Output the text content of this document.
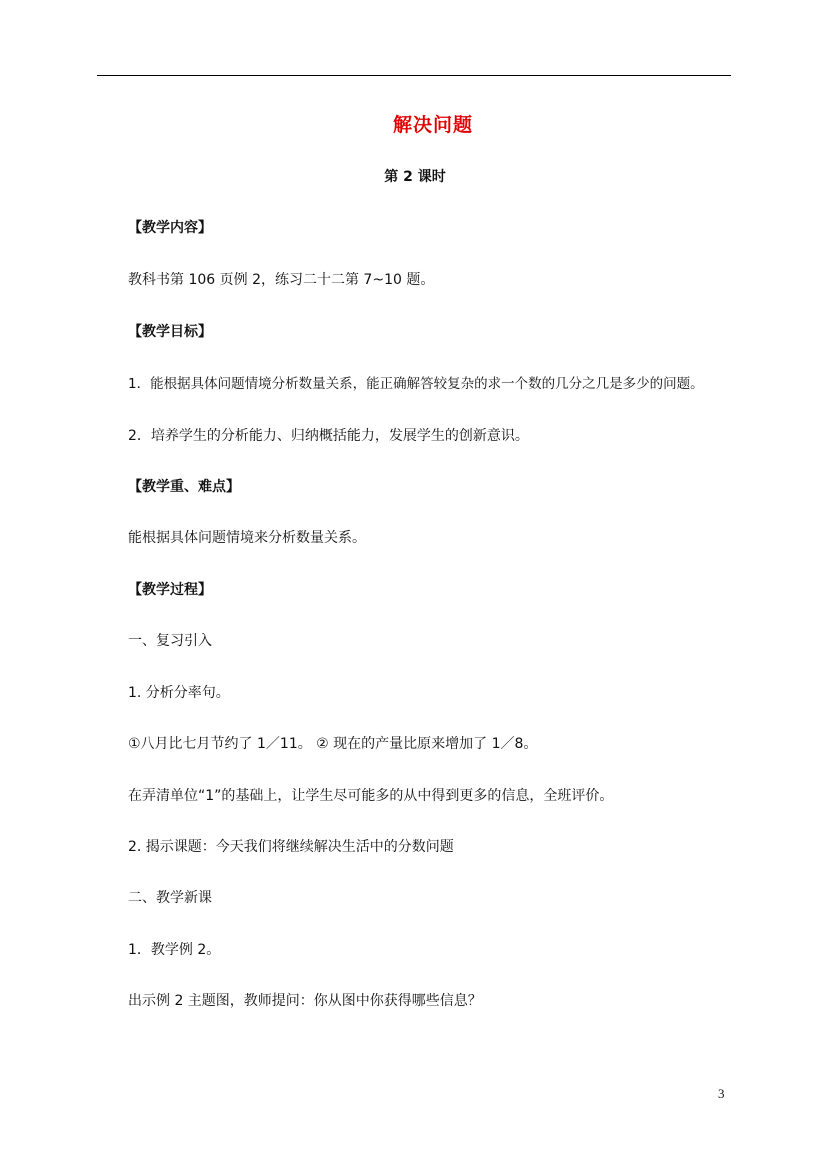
解决问题
第 2 课时
【教学内容】
教科书第 106 页例 2，练习二十二第 7~10 题。
【教学目标】
1．能根据具体问题情境分析数量关系，能正确解答较复杂的求一个数的几分之几是多少的问题。
2．培养学生的分析能力、归纳概括能力，发展学生的创新意识。
【教学重、难点】
能根据具体问题情境来分析数量关系。
【教学过程】
一、复习引入
1. 分析分率句。
①八月比七月节约了 1／11。 ② 现在的产量比原来增加了 1／8。
在弄清单位“1”的基础上，让学生尽可能多的从中得到更多的信息，全班评价。
2. 揭示课题：今天我们将继续解决生活中的分数问题
二、教学新课
1．教学例 2。
出示例 2 主题图，教师提问：你从图中你获得哪些信息？
3
